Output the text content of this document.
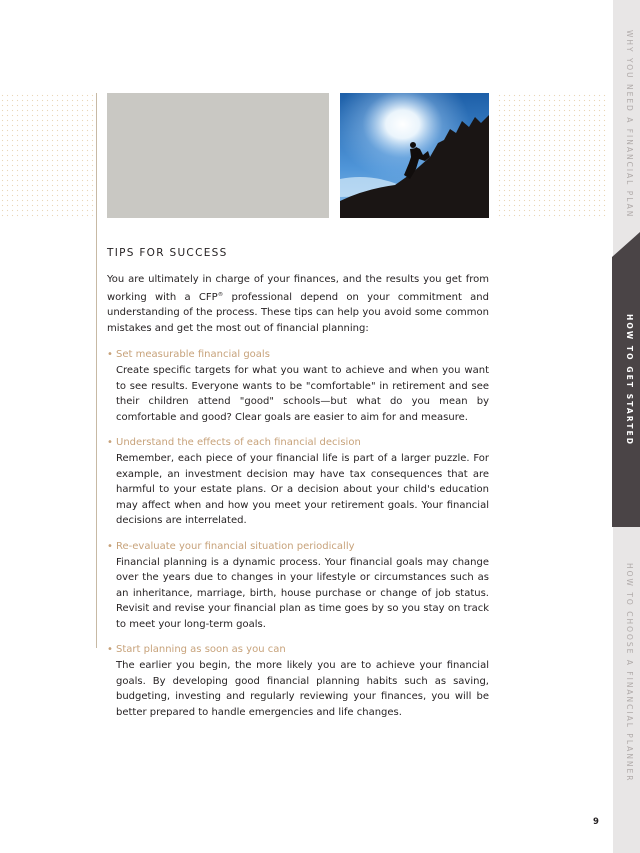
TIPS FOR SUCCESS

You are ultimately in charge of your finances, and the results you get from working with a CFP® professional depend on your commitment and understanding of the process. These tips can help you avoid some common mistakes and get the most out of financial planning:

• Set measurable financial goals

Create specific targets for what you want to achieve and when you want to see results. Everyone wants to be "comfortable" in retirement and see their children attend "good" schools—but what do you mean by comfortable and good? Clear goals are easier to aim for and measure.

• Understand the effects of each financial decision

Remember, each piece of your financial life is part of a larger puzzle. For example, an investment decision may have tax consequences that are harmful to your estate plans. Or a decision about your child's education may affect when and how you meet your retirement goals. Your financial decisions are interrelated.

• Re-evaluate your financial situation periodically

Financial planning is a dynamic process. Your financial goals may change over the years due to changes in your lifestyle or circumstances such as an inheritance, marriage, birth, house purchase or change of job status. Revisit and revise your financial plan as time goes by so you stay on track to meet your long-term goals.

• Start planning as soon as you can

The earlier you begin, the more likely you are to achieve your financial goals. By developing good financial planning habits such as saving, budgeting, investing and regularly reviewing your finances, you will be better prepared to handle emergencies and life changes.

WHY YOU NEED A FINANCIAL PLAN
HOW TO GET STARTED
HOW TO CHOOSE A FINANCIAL PLANNER
9
